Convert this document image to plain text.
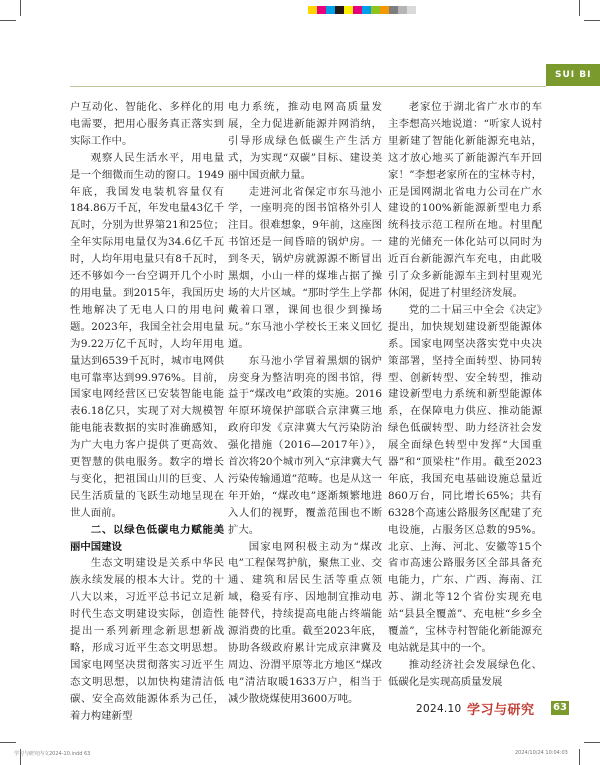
SUI BI

户互动化、智能化、多样化的用电需要，把用心服务真正落实到实际工作中。

观察人民生活水平，用电量是一个细微而生动的窗口。1949年底，我国发电装机容量仅有184.86万千瓦，年发电量43亿千瓦时，分别为世界第21和25位；全年实际用电量仅为34.6亿千瓦时，人均年用电量只有8千瓦时，还不够如今一台空调开几个小时的用电量。到2015年，我国历史性地解决了无电人口的用电问题。2023年，我国全社会用电量为9.22万亿千瓦时，人均年用电量达到6539千瓦时，城市电网供电可靠率达到99.976%。目前，国家电网经营区已安装智能电能表6.18亿只，实现了对大规模智能电能表数据的实时准确感知，为广大电力客户提供了更高效、更智慧的供电服务。数字的增长与变化，把祖国山川的巨变、人民生活质量的飞跃生动地呈现在世人面前。

二、以绿色低碳电力赋能美丽中国建设

生态文明建设是关系中华民族永续发展的根本大计。党的十八大以来，习近平总书记立足新时代生态文明建设实际，创造性提出一系列新理念新思想新战略，形成习近平生态文明思想。国家电网坚决贯彻落实习近平生态文明思想，以加快构建清洁低碳、安全高效能源体系为己任，着力构建新型

电力系统，推动电网高质量发展，全力促进新能源并网消纳，引导形成绿色低碳生产生活方式，为实现“双碳”目标、建设美丽中国贡献力量。

走进河北省保定市东马池小学，一座明亮的图书馆格外引人注目。很难想象，9年前，这座图书馆还是一间昏暗的锅炉房。一到冬天，锅炉房就源源不断冒出黑烟，小山一样的煤堆占据了操场的大片区域。“那时学生上学都戴着口罩，课间也很少到操场玩。”东马池小学校长王来义回忆道。

东马池小学冒着黑烟的锅炉房变身为整洁明亮的图书馆，得益于“煤改电”政策的实施。2016年原环境保护部联合京津冀三地政府印发《京津冀大气污染防治强化措施（2016—2017年）》，首次将20个城市列入“京津冀大气污染传输通道”范畴。也是从这一年开始，“煤改电”逐渐频繁地进入人们的视野，覆盖范围也不断扩大。

国家电网积极主动为“煤改电”工程保驾护航，聚焦工业、交通、建筑和居民生活等重点领域，稳妥有序、因地制宜推动电能替代，持续提高电能占终端能源消费的比重。截至2023年底，协助各级政府累计完成京津冀及周边、汾渭平原等北方地区“煤改电”清洁取暖1633万户，相当于减少散烧煤使用3600万吨。

老家位于湖北省广水市的车主李想高兴地说道：“听家人说村里新建了智能化新能源充电站，这才放心地买了新能源汽车开回家！”李想老家所在的宝林寺村，正是国网湖北省电力公司在广水建设的100%新能源新型电力系统科技示范工程所在地。村里配建的光储充一体化站可以同时为近百台新能源汽车充电，由此吸引了众多新能源车主到村里观光休闲，促进了村里经济发展。

党的二十届三中全会《决定》提出，加快规划建设新型能源体系。国家电网坚决落实党中央决策部署，坚持全面转型、协同转型、创新转型、安全转型，推动建设新型电力系统和新型能源体系，在保障电力供应、推动能源绿色低碳转型、助力经济社会发展全面绿色转型中发挥“大国重器”和“顶梁柱”作用。截至2023年底，我国充电基础设施总量近860万台，同比增长65%；共有6328个高速公路服务区配建了充电设施，占服务区总数的95%。北京、上海、河北、安徽等15个省市高速公路服务区全部具备充电能力，广东、广西、海南、江苏、湖北等12个省份实现充电站“县县全覆盖”、充电桩“乡乡全覆盖”，宝林寺村智能化新能源充电站就是其中的一个。

推动经济社会发展绿色化、低碳化是实现高质量发展

2024.10 学习与研究 63
学习与研究内文2024-10.indd 63	2024/10/24 10:04:03
